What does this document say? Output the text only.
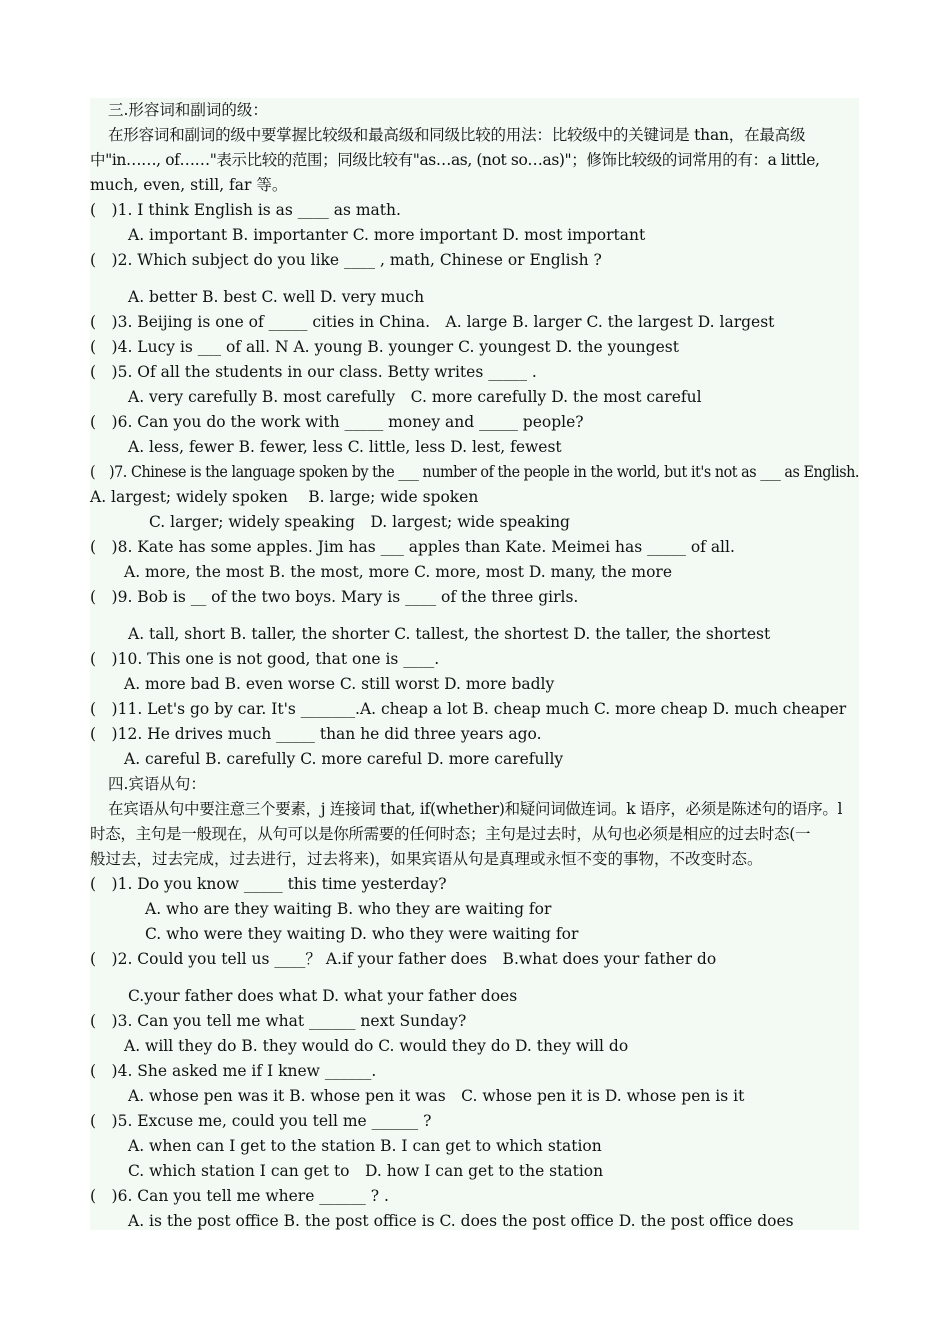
三.形容词和副词的级：
在形容词和副词的级中要掌握比较级和最高级和同级比较的用法：比较级中的关键词是 than，在最高级
中"in……, of……"表示比较的范围；同级比较有"as…as, (not so…as)"；修饰比较级的词常用的有：a little,
much, even, still, far 等。
(　)1. I think English is as ____ as math.
A. important B. importanter C. more important D. most important
(　)2. Which subject do you like ____ , math, Chinese or English ?
A. better B. best C. well D. very much
(　)3. Beijing is one of _____ cities in China.　A. large B. larger C. the largest D. largest
(　)4. Lucy is ___ of all. N A. young B. younger C. youngest D. the youngest
(　)5. Of all the students in our class. Betty writes _____ .
A. very carefully B. most carefully　C. more carefully D. the most careful
(　)6. Can you do the work with _____ money and _____ people?
A. less, fewer B. fewer, less C. little, less D. lest, fewest
(　)7. Chinese is the language spoken by the ___ number of the people in the world, but it's not as ___ as English.
A. largest; widely spoken　 B. large; wide spoken
C. larger; widely speaking　D. largest; wide speaking
(　)8. Kate has some apples. Jim has ___ apples than Kate. Meimei has _____ of all.
A. more, the most B. the most, more C. more, most D. many, the more
(　)9. Bob is __ of the two boys. Mary is ____ of the three girls.
A. tall, short B. taller, the shorter C. tallest, the shortest D. the taller, the shortest
(　)10. This one is not good, that one is ____.
A. more bad B. even worse C. still worst D. more badly
(　)11. Let's go by car. It's _______.A. cheap a lot B. cheap much C. more cheap D. much cheaper
(　)12. He drives much _____ than he did three years ago.
A. careful B. carefully C. more careful D. more carefully
四.宾语从句：
在宾语从句中要注意三个要素，j 连接词 that, if(whether)和疑问词做连词。k 语序，必须是陈述句的语序。l
时态，主句是一般现在，从句可以是你所需要的任何时态；主句是过去时，从句也必须是相应的过去时态(一
般过去，过去完成，过去进行，过去将来)，如果宾语从句是真理或永恒不变的事物，不改变时态。
(　)1. Do you know _____ this time yesterday?
A. who are they waiting B. who they are waiting for
C. who were they waiting D. who they were waiting for
(　)2. Could you tell us ____？ A.if your father does　B.what does your father do
C.your father does what D. what your father does
(　)3. Can you tell me what ______ next Sunday?
A. will they do B. they would do C. would they do D. they will do
(　)4. She asked me if I knew ______.
A. whose pen was it B. whose pen it was　C. whose pen it is D. whose pen is it
(　)5. Excuse me, could you tell me ______ ?
A. when can I get to the station B. I can get to which station
C. which station I can get to　D. how I can get to the station
(　)6. Can you tell me where ______ ? .
A. is the post office B. the post office is C. does the post office D. the post office does
